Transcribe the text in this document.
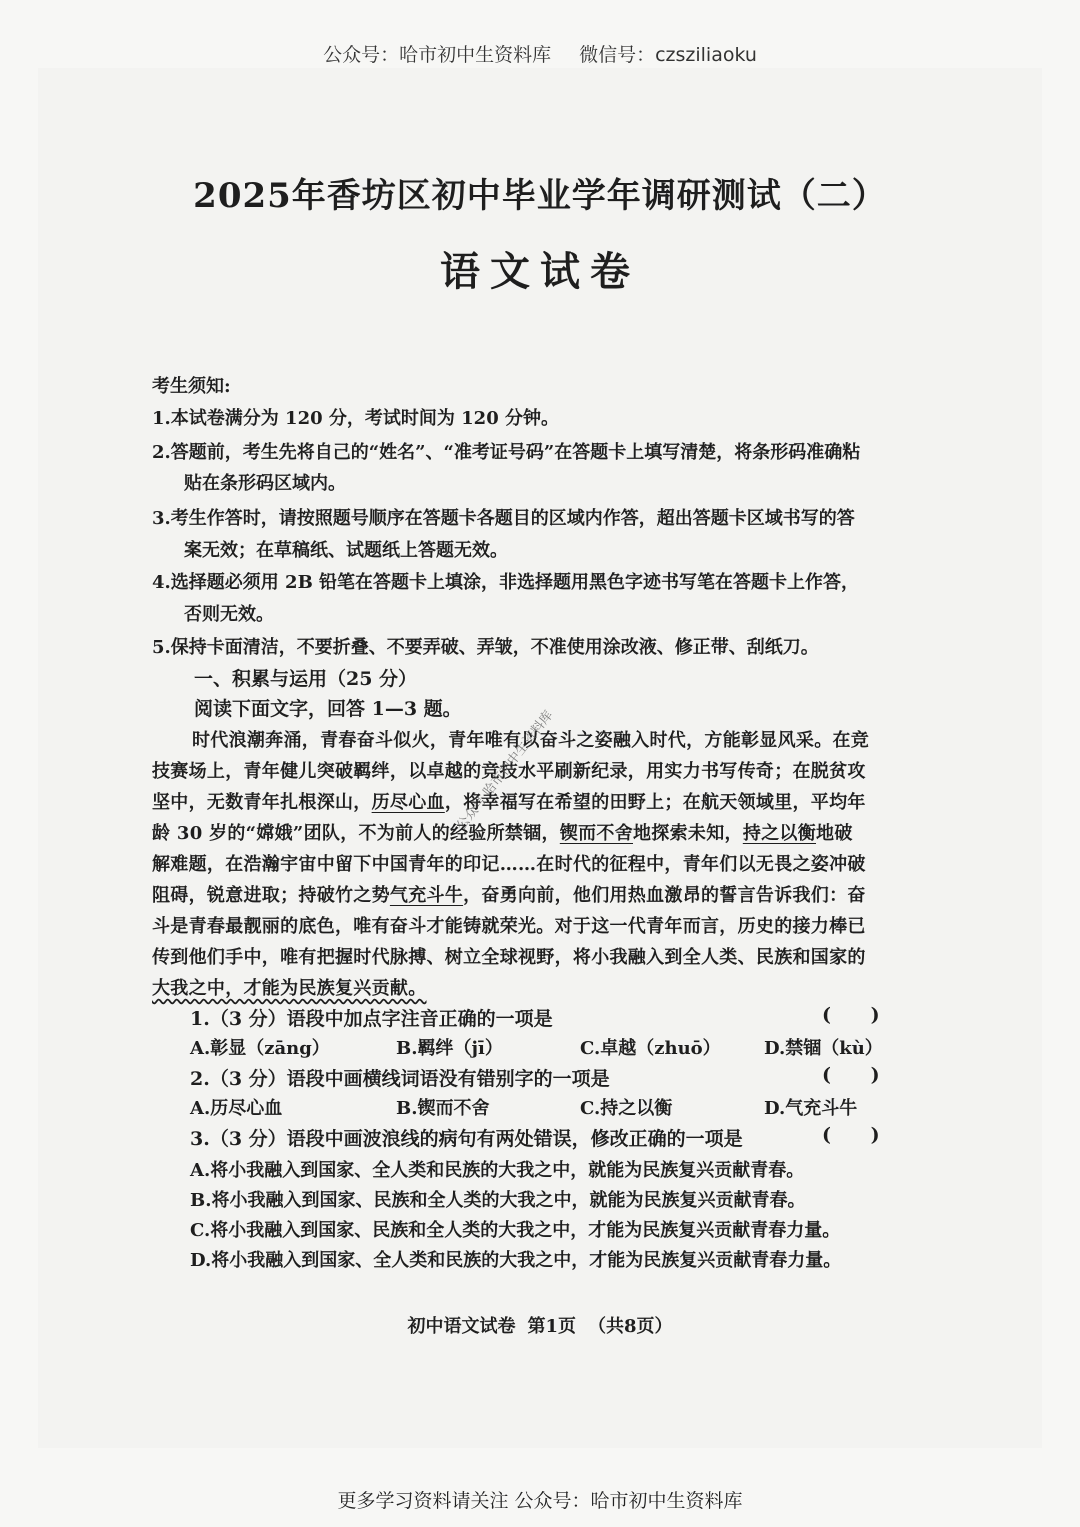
公众号：哈市初中生资料库 微信号：czsziliaoku
2025年香坊区初中毕业学年调研测试（二）
语文试卷
考生须知:
1.本试卷满分为 120 分，考试时间为 120 分钟。
2.答题前，考生先将自己的“姓名”、“准考证号码”在答题卡上填写清楚，将条形码准确粘
贴在条形码区域内。
3.考生作答时，请按照题号顺序在答题卡各题目的区域内作答，超出答题卡区域书写的答
案无效；在草稿纸、试题纸上答题无效。
4.选择题必须用 2B 铅笔在答题卡上填涂，非选择题用黑色字迹书写笔在答题卡上作答，
否则无效。
5.保持卡面清洁，不要折叠、不要弄破、弄皱，不准使用涂改液、修正带、刮纸刀。
一、积累与运用（25 分）
阅读下面文字，回答 1—3 题。
时代浪潮奔涌，青春奋斗似火，青年唯有以奋斗之姿融入时代，方能彰显风采。在竞
技赛场上，青年健儿突破羁绊，以卓越的竞技水平刷新纪录，用实力书写传奇；在脱贫攻
坚中，无数青年扎根深山，历尽心血，将幸福写在希望的田野上；在航天领域里，平均年
龄 30 岁的“嫦娥”团队，不为前人的经验所禁锢，锲而不舍地探索未知，持之以衡地破
解难题，在浩瀚宇宙中留下中国青年的印记……在时代的征程中，青年们以无畏之姿冲破
阻碍，锐意进取；持破竹之势气充斗牛，奋勇向前，他们用热血激昂的誓言告诉我们：奋
斗是青春最靓丽的底色，唯有奋斗才能铸就荣光。对于这一代青年而言，历史的接力棒已
传到他们手中，唯有把握时代脉搏、树立全球视野，将小我融入到全人类、民族和国家的
大我之中，才能为民族复兴贡献。
1.（3 分）语段中加点字注音正确的一项是	(      )
A.彰显（zāng）	B.羁绊（jī）	C.卓越（zhuō） D.禁锢（kù）
2.（3 分）语段中画横线词语没有错别字的一项是	(      )
A.历尽心血	B.锲而不舍	C.持之以衡	D.气充斗牛
3.（3 分）语段中画波浪线的病句有两处错误，修改正确的一项是	(      )
A.将小我融入到国家、全人类和民族的大我之中，就能为民族复兴贡献青春。
B.将小我融入到国家、民族和全人类的大我之中，就能为民族复兴贡献青春。
C.将小我融入到国家、民族和全人类的大我之中，才能为民族复兴贡献青春力量。
D.将小我融入到国家、全人类和民族的大我之中，才能为民族复兴贡献青春力量。
初中语文试卷 第1页 （共8页）
更多学习资料请关注 公众号：哈市初中生资料库
公众号 哈市初中生资料库
